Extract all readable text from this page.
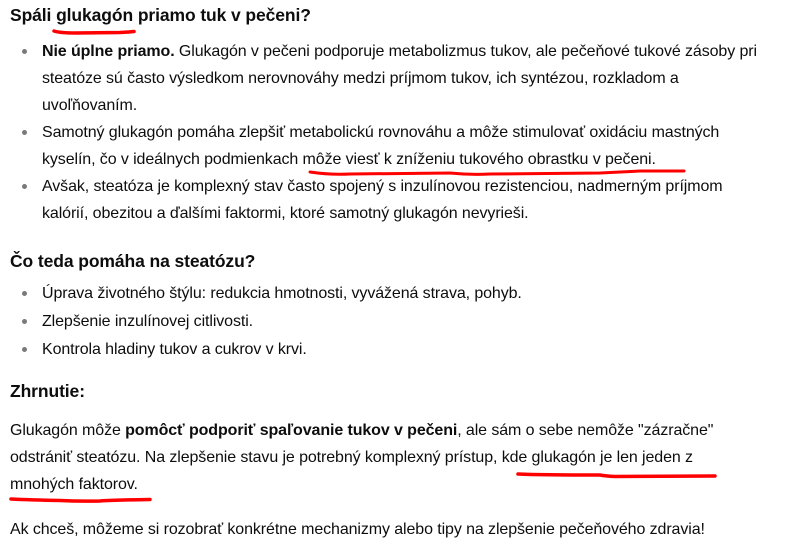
Spáli glukagón priamo tuk v pečeni?
Nie úplne priamo. Glukagón v pečeni podporuje metabolizmus tukov, ale pečeňové tukové zásoby pri steatóze sú často výsledkom nerovnováhy medzi príjmom tukov, ich syntézou, rozkladom a uvoľňovaním.
Samotný glukagón pomáha zlepšiť metabolickú rovnováhu a môže stimulovať oxidáciu mastných kyselín, čo v ideálnych podmienkach môže viesť k zníženiu tukového obrastku v pečeni.
Avšak, steatóza je komplexný stav často spojený s inzulínovou rezistenciou, nadmerným príjmom kalórií, obezitou a ďalšími faktormi, ktoré samotný glukagón nevyrieši.
Čo teda pomáha na steatózu?
Úprava životného štýlu: redukcia hmotnosti, vyvážená strava, pohyb.
Zlepšenie inzulínovej citlivosti.
Kontrola hladiny tukov a cukrov v krvi.
Zhrnutie:

Glukagón môže pomôcť podporiť spaľovanie tukov v pečeni, ale sám o sebe nemôže "zázračne" odstrániť steatózu. Na zlepšenie stavu je potrebný komplexný prístup, kde glukagón je len jeden z mnohých faktorov.

Ak chceš, môžeme si rozobrať konkrétne mechanizmy alebo tipy na zlepšenie pečeňového zdravia!
